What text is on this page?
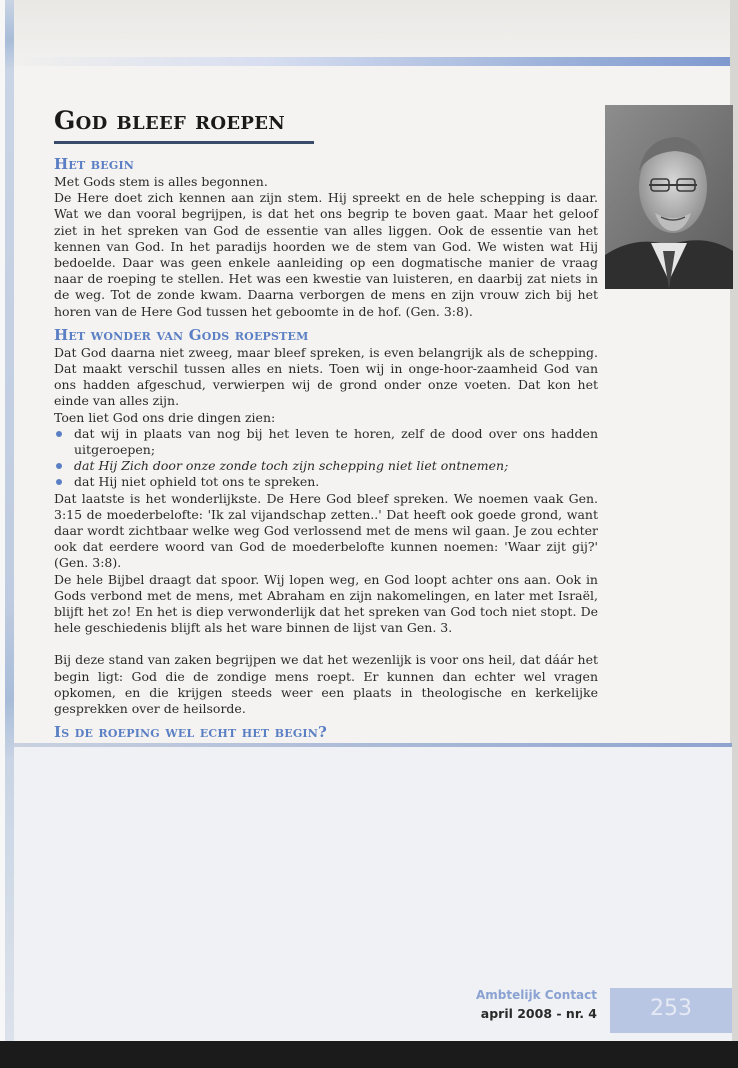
God bleef roepen
Het begin

Met Gods stem is alles begonnen.

De Here doet zich kennen aan zijn stem. Hij spreekt en de hele schepping is daar. Wat we dan vooral begrijpen, is dat het ons begrip te boven gaat. Maar het geloof ziet in het spreken van God de essentie van alles liggen. Ook de essentie van het kennen van God. In het paradijs hoorden we de stem van God. We wisten wat Hij bedoelde. Daar was geen enkele aanleiding op een dogmatische manier de vraag naar de roeping te stellen. Het was een kwestie van luisteren, en daarbij zat niets in de weg. Tot de zonde kwam. Daarna verborgen de mens en zijn vrouw zich bij het horen van de Here God tussen het geboomte in de hof. (Gen. 3:8).

Het wonder van Gods roepstem

Dat God daarna niet zweeg, maar bleef spreken, is even belangrijk als de schepping. Dat maakt verschil tussen alles en niets. Toen wij in onge-hoor-zaamheid God van ons hadden afgeschud, verwierpen wij de grond onder onze voeten. Dat kon het einde van alles zijn.

Toen liet God ons drie dingen zien:

dat wij in plaats van nog bij het leven te horen, zelf de dood over ons hadden uitgeroepen;
dat Hij Zich door onze zonde toch zijn schepping niet liet ontnemen;
dat Hij niet ophield tot ons te spreken.

Dat laatste is het wonderlijkste. De Here God bleef spreken. We noemen vaak Gen. 3:15 de moederbelofte: 'Ik zal vijandschap zetten..' Dat heeft ook goede grond, want daar wordt zichtbaar welke weg God verlossend met de mens wil gaan. Je zou echter ook dat eerdere woord van God de moederbelofte kunnen noemen: 'Waar zijt gij?' (Gen. 3:8).

De hele Bijbel draagt dat spoor. Wij lopen weg, en God loopt achter ons aan. Ook in Gods verbond met de mens, met Abraham en zijn nakomelingen, en later met Israël, blijft het zo! En het is diep verwonderlijk dat het spreken van God toch niet stopt. De hele geschiedenis blijft als het ware binnen de lijst van Gen. 3.

Bij deze stand van zaken begrijpen we dat het wezenlijk is voor ons heil, dat dáár het begin ligt: God die de zondige mens roept. Er kunnen dan echter wel vragen opkomen, en die krijgen steeds weer een plaats in theologische en kerkelijke gesprekken over de heilsorde.

Is de roeping wel echt het begin?

Ambtelijk Contact
april 2008 - nr. 4	253
